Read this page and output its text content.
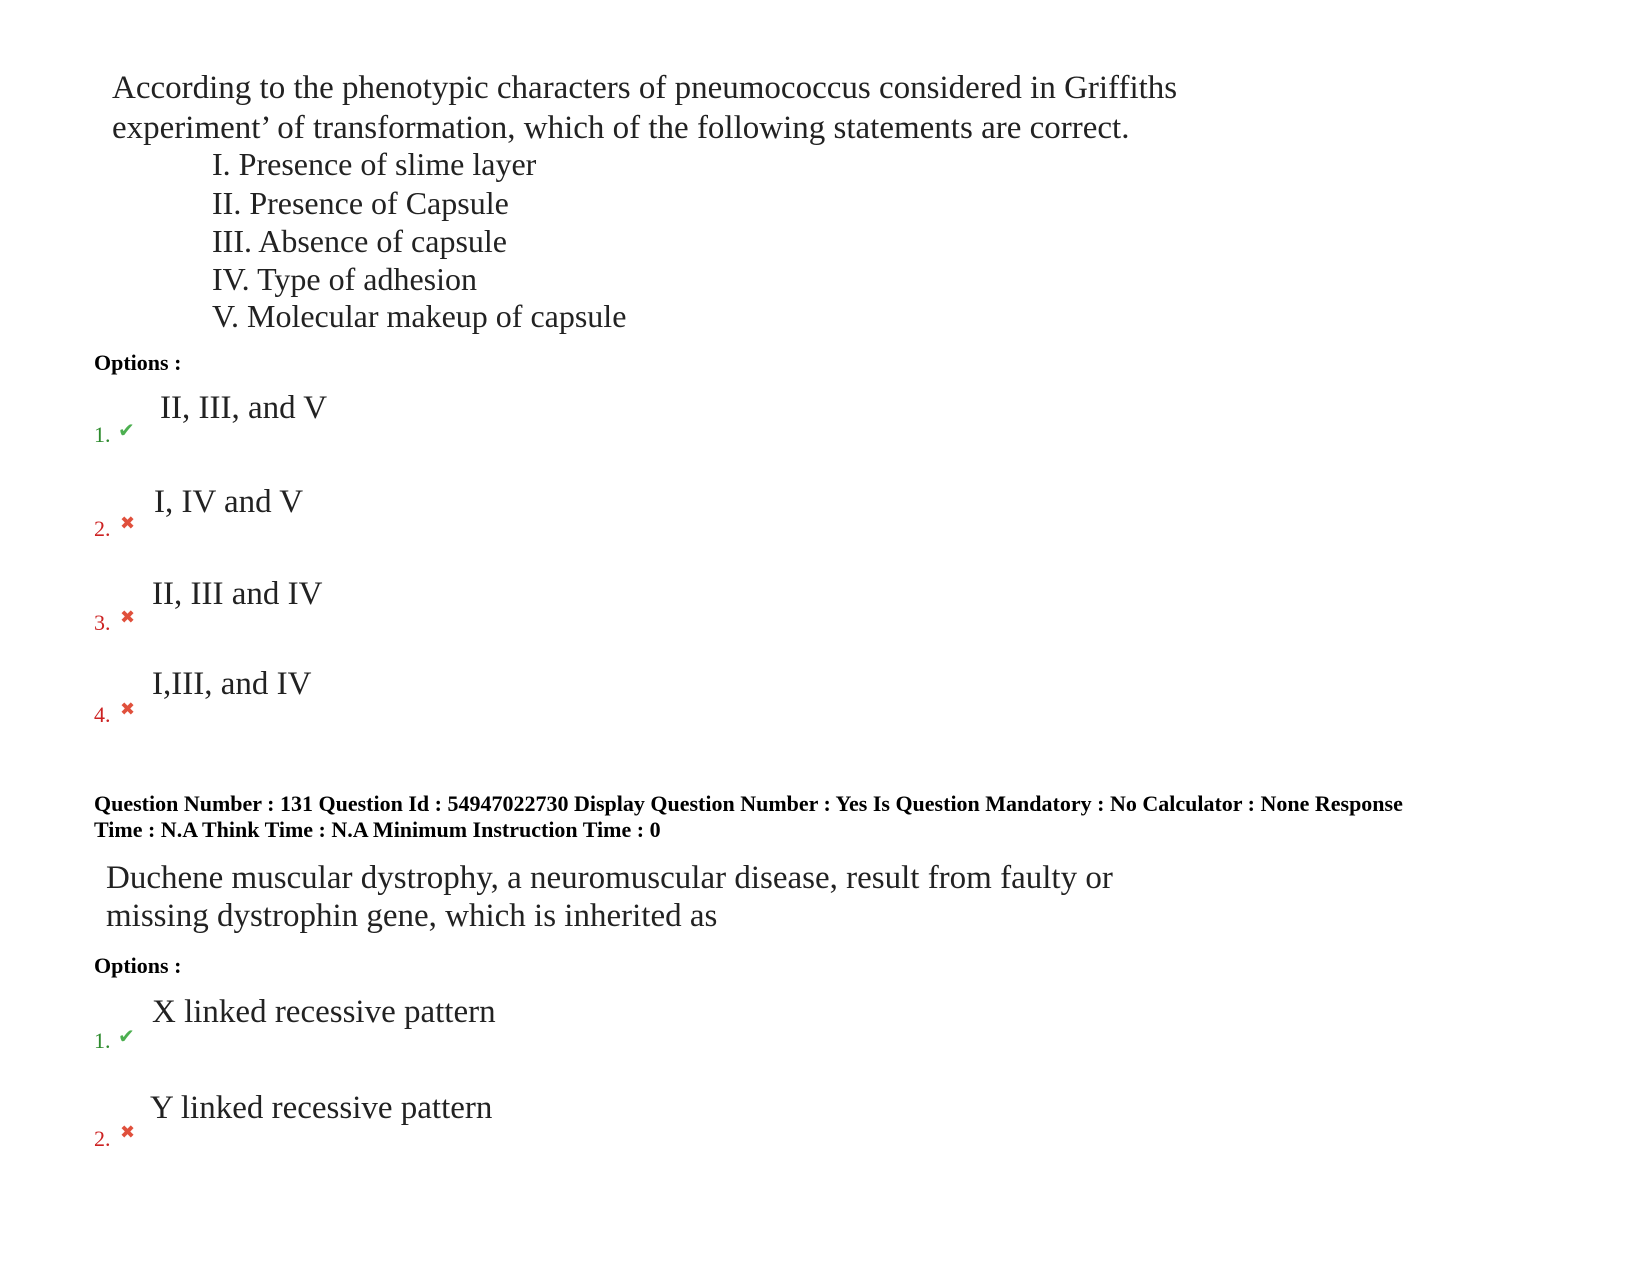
According to the phenotypic characters of pneumococcus considered in Griffiths
experiment’ of transformation, which of the following statements are correct.
I. Presence of slime layer
II. Presence of Capsule
III. Absence of capsule
IV. Type of adhesion
V. Molecular makeup of capsule
Options :
1. ✔
II, III, and V
2. ✖
I, IV and V
3. ✖
II, III and IV
4. ✖
I,III, and IV
Question Number : 131 Question Id : 54947022730 Display Question Number : Yes Is Question Mandatory : No Calculator : None Response
Time : N.A Think Time : N.A Minimum Instruction Time : 0
Duchene muscular dystrophy, a neuromuscular disease, result from faulty or
missing dystrophin gene, which is inherited as
Options :
1. ✔
X linked recessive pattern
2. ✖
Y linked recessive pattern
